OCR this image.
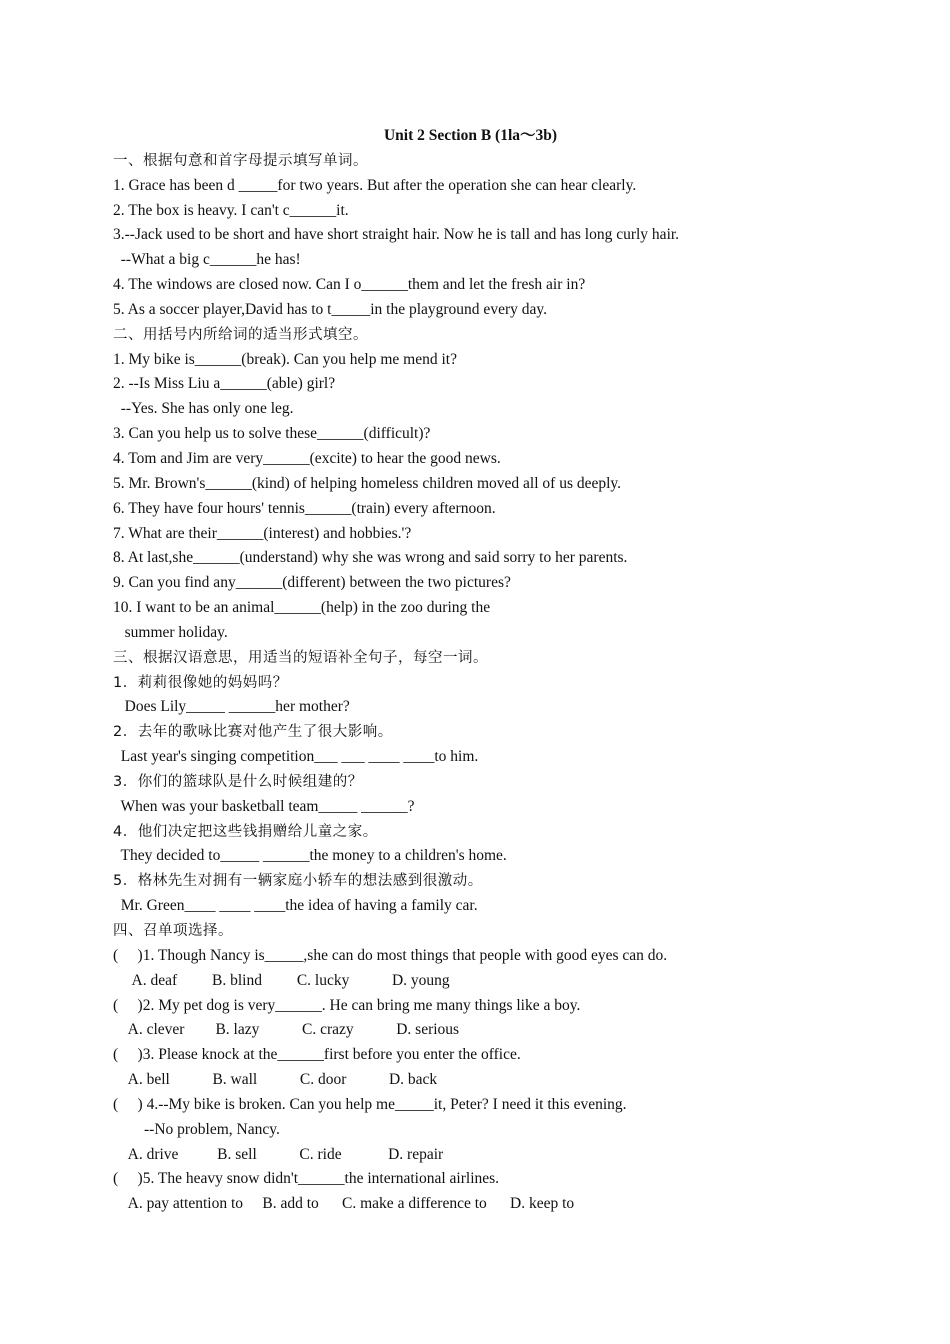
Unit 2 Section B (1la～3b)
一、根据句意和首字母提示填写单词。
1. Grace has been d _____for two years. But after the operation she can hear clearly.
2. The box is heavy. I can't c______it.
3.--Jack used to be short and have short straight hair. Now he is tall and has long curly hair.
--What a big c______he has!
4. The windows are closed now. Can I o______them and let the fresh air in?
5. As a soccer player,David has to t_____in the playground every day.
二、用括号内所给词的适当形式填空。
1. My bike is______(break). Can you help me mend it?
2. --Is Miss Liu a______(able) girl?
--Yes. She has only one leg.
3. Can you help us to solve these______(difficult)?
4. Tom and Jim are very______(excite) to hear the good news.
5. Mr. Brown's______(kind) of helping homeless children moved all of us deeply.
6. They have four hours' tennis______(train) every afternoon.
7. What are their______(interest) and hobbies.'?
8. At last,she______(understand) why she was wrong and said sorry to her parents.
9. Can you find any______(different) between the two pictures?
10. I want to be an animal______(help) in the zoo during the
summer holiday.
三、根据汉语意思，用适当的短语补全句子，每空一词。
1．莉莉很像她的妈妈吗？
Does Lily_____ ______her mother?
2．去年的歌咏比赛对他产生了很大影响。
Last year's singing competition___ ___ ____ ____to him.
3．你们的篮球队是什么时候组建的？
When was your basketball team_____ ______?
4．他们决定把这些钱捐赠给儿童之家。
They decided to_____ ______the money to a children's home.
5．格林先生对拥有一辆家庭小轿车的想法感到很激动。
Mr. Green____ ____ ____the idea of having a family car.
四、召单项选择。
(     )1. Though Nancy is_____,she can do most things that people with good eyes can do.
A. deaf         B. blind         C. lucky           D. young
(     )2. My pet dog is very______. He can bring me many things like a boy.
A. clever        B. lazy           C. crazy           D. serious
(     )3. Please knock at the______first before you enter the office.
A. bell           B. wall           C. door           D. back
(     ) 4.--My bike is broken. Can you help me_____it, Peter? I need it this evening.
--No problem, Nancy.
A. drive          B. sell           C. ride            D. repair
(     )5. The heavy snow didn't______the international airlines.
A. pay attention to     B. add to      C. make a difference to      D. keep to
